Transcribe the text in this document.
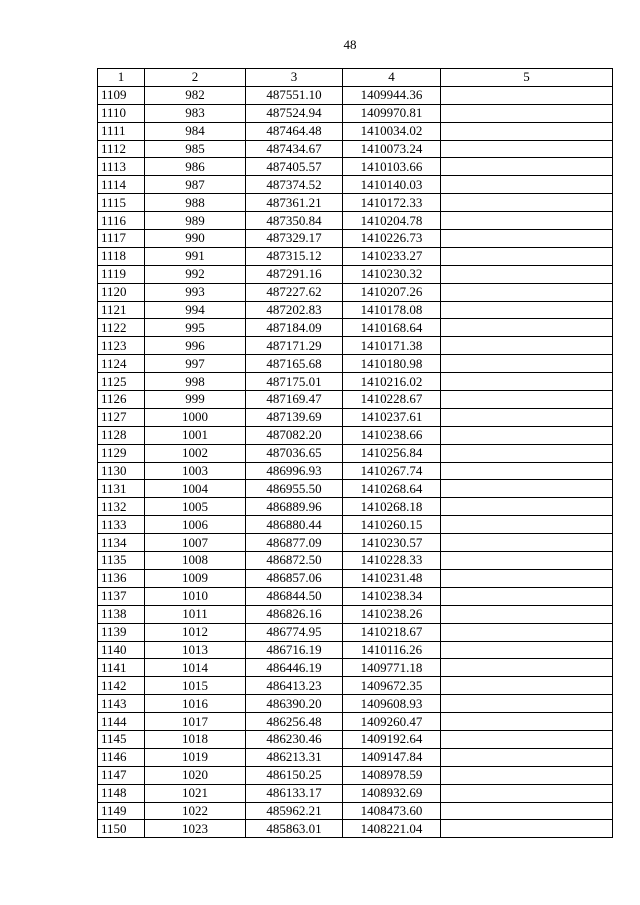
48
1	2	3	4	5
1109	982	487551.10	1409944.36	
1110	983	487524.94	1409970.81	
1111	984	487464.48	1410034.02	
1112	985	487434.67	1410073.24	
1113	986	487405.57	1410103.66	
1114	987	487374.52	1410140.03	
1115	988	487361.21	1410172.33	
1116	989	487350.84	1410204.78	
1117	990	487329.17	1410226.73	
1118	991	487315.12	1410233.27	
1119	992	487291.16	1410230.32	
1120	993	487227.62	1410207.26	
1121	994	487202.83	1410178.08	
1122	995	487184.09	1410168.64	
1123	996	487171.29	1410171.38	
1124	997	487165.68	1410180.98	
1125	998	487175.01	1410216.02	
1126	999	487169.47	1410228.67	
1127	1000	487139.69	1410237.61	
1128	1001	487082.20	1410238.66	
1129	1002	487036.65	1410256.84	
1130	1003	486996.93	1410267.74	
1131	1004	486955.50	1410268.64	
1132	1005	486889.96	1410268.18	
1133	1006	486880.44	1410260.15	
1134	1007	486877.09	1410230.57	
1135	1008	486872.50	1410228.33	
1136	1009	486857.06	1410231.48	
1137	1010	486844.50	1410238.34	
1138	1011	486826.16	1410238.26	
1139	1012	486774.95	1410218.67	
1140	1013	486716.19	1410116.26	
1141	1014	486446.19	1409771.18	
1142	1015	486413.23	1409672.35	
1143	1016	486390.20	1409608.93	
1144	1017	486256.48	1409260.47	
1145	1018	486230.46	1409192.64	
1146	1019	486213.31	1409147.84	
1147	1020	486150.25	1408978.59	
1148	1021	486133.17	1408932.69	
1149	1022	485962.21	1408473.60	
1150	1023	485863.01	1408221.04	
